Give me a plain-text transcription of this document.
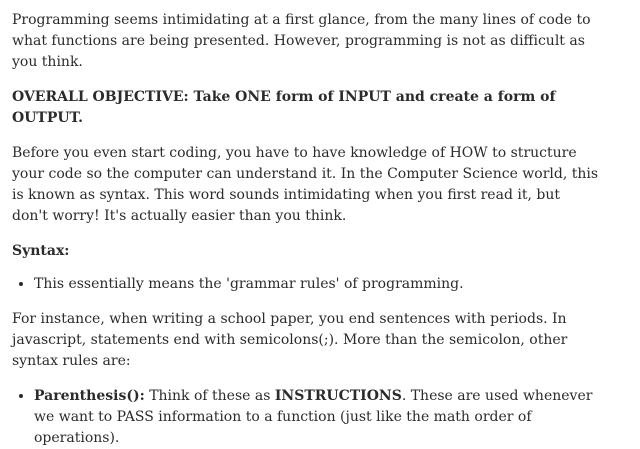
Programming seems intimidating at a first glance, from the many lines of code to what functions are being presented. However, programming is not as difficult as you think.

OVERALL OBJECTIVE: Take ONE form of INPUT and create a form of OUTPUT.

Before you even start coding, you have to have knowledge of HOW to structure your code so the computer can understand it. In the Computer Science world, this is known as syntax. This word sounds intimidating when you first read it, but don't worry! It's actually easier than you think.

Syntax:

• This essentially means the 'grammar rules' of programming.

For instance, when writing a school paper, you end sentences with periods. In javascript, statements end with semicolons(;). More than the semicolon, other syntax rules are:

• Parenthesis(): Think of these as INSTRUCTIONS. These are used whenever we want to PASS information to a function (just like the math order of operations).
